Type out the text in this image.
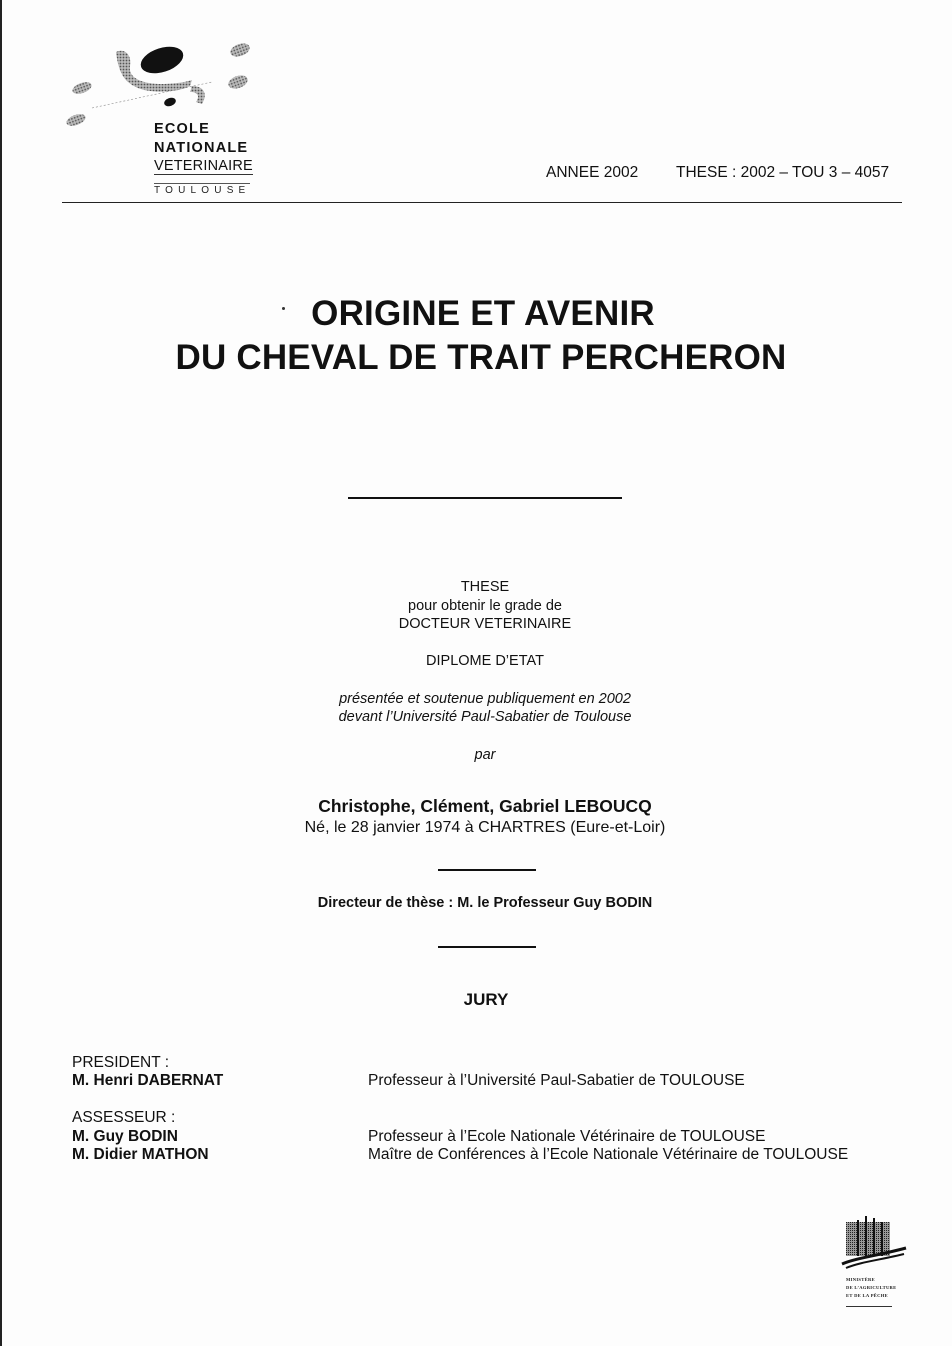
ECOLE
NATIONALE
VETERINAIRE
TOULOUSE
ANNEE 2002 THESE : 2002 – TOU 3 – 4057
ORIGINE ET AVENIR
DU CHEVAL DE TRAIT PERCHERON
THESE
pour obtenir le grade de
DOCTEUR VETERINAIRE
DIPLOME D’ETAT
présentée et soutenue publiquement en 2002
devant l’Université Paul-Sabatier de Toulouse
par
Christophe, Clément, Gabriel LEBOUCQ
Né, le 28 janvier 1974 à CHARTRES (Eure-et-Loir)
Directeur de thèse : M. le Professeur Guy BODIN
JURY
PRESIDENT :
M. Henri DABERNAT	Professeur à l’Université Paul-Sabatier de TOULOUSE
ASSESSEUR :
M. Guy BODIN	Professeur à l’Ecole Nationale Vétérinaire de TOULOUSE
M. Didier MATHON	Maître de Conférences à l’Ecole Nationale Vétérinaire de TOULOUSE
MINISTÈRE
DE L’AGRICULTURE
ET DE LA PÊCHE
